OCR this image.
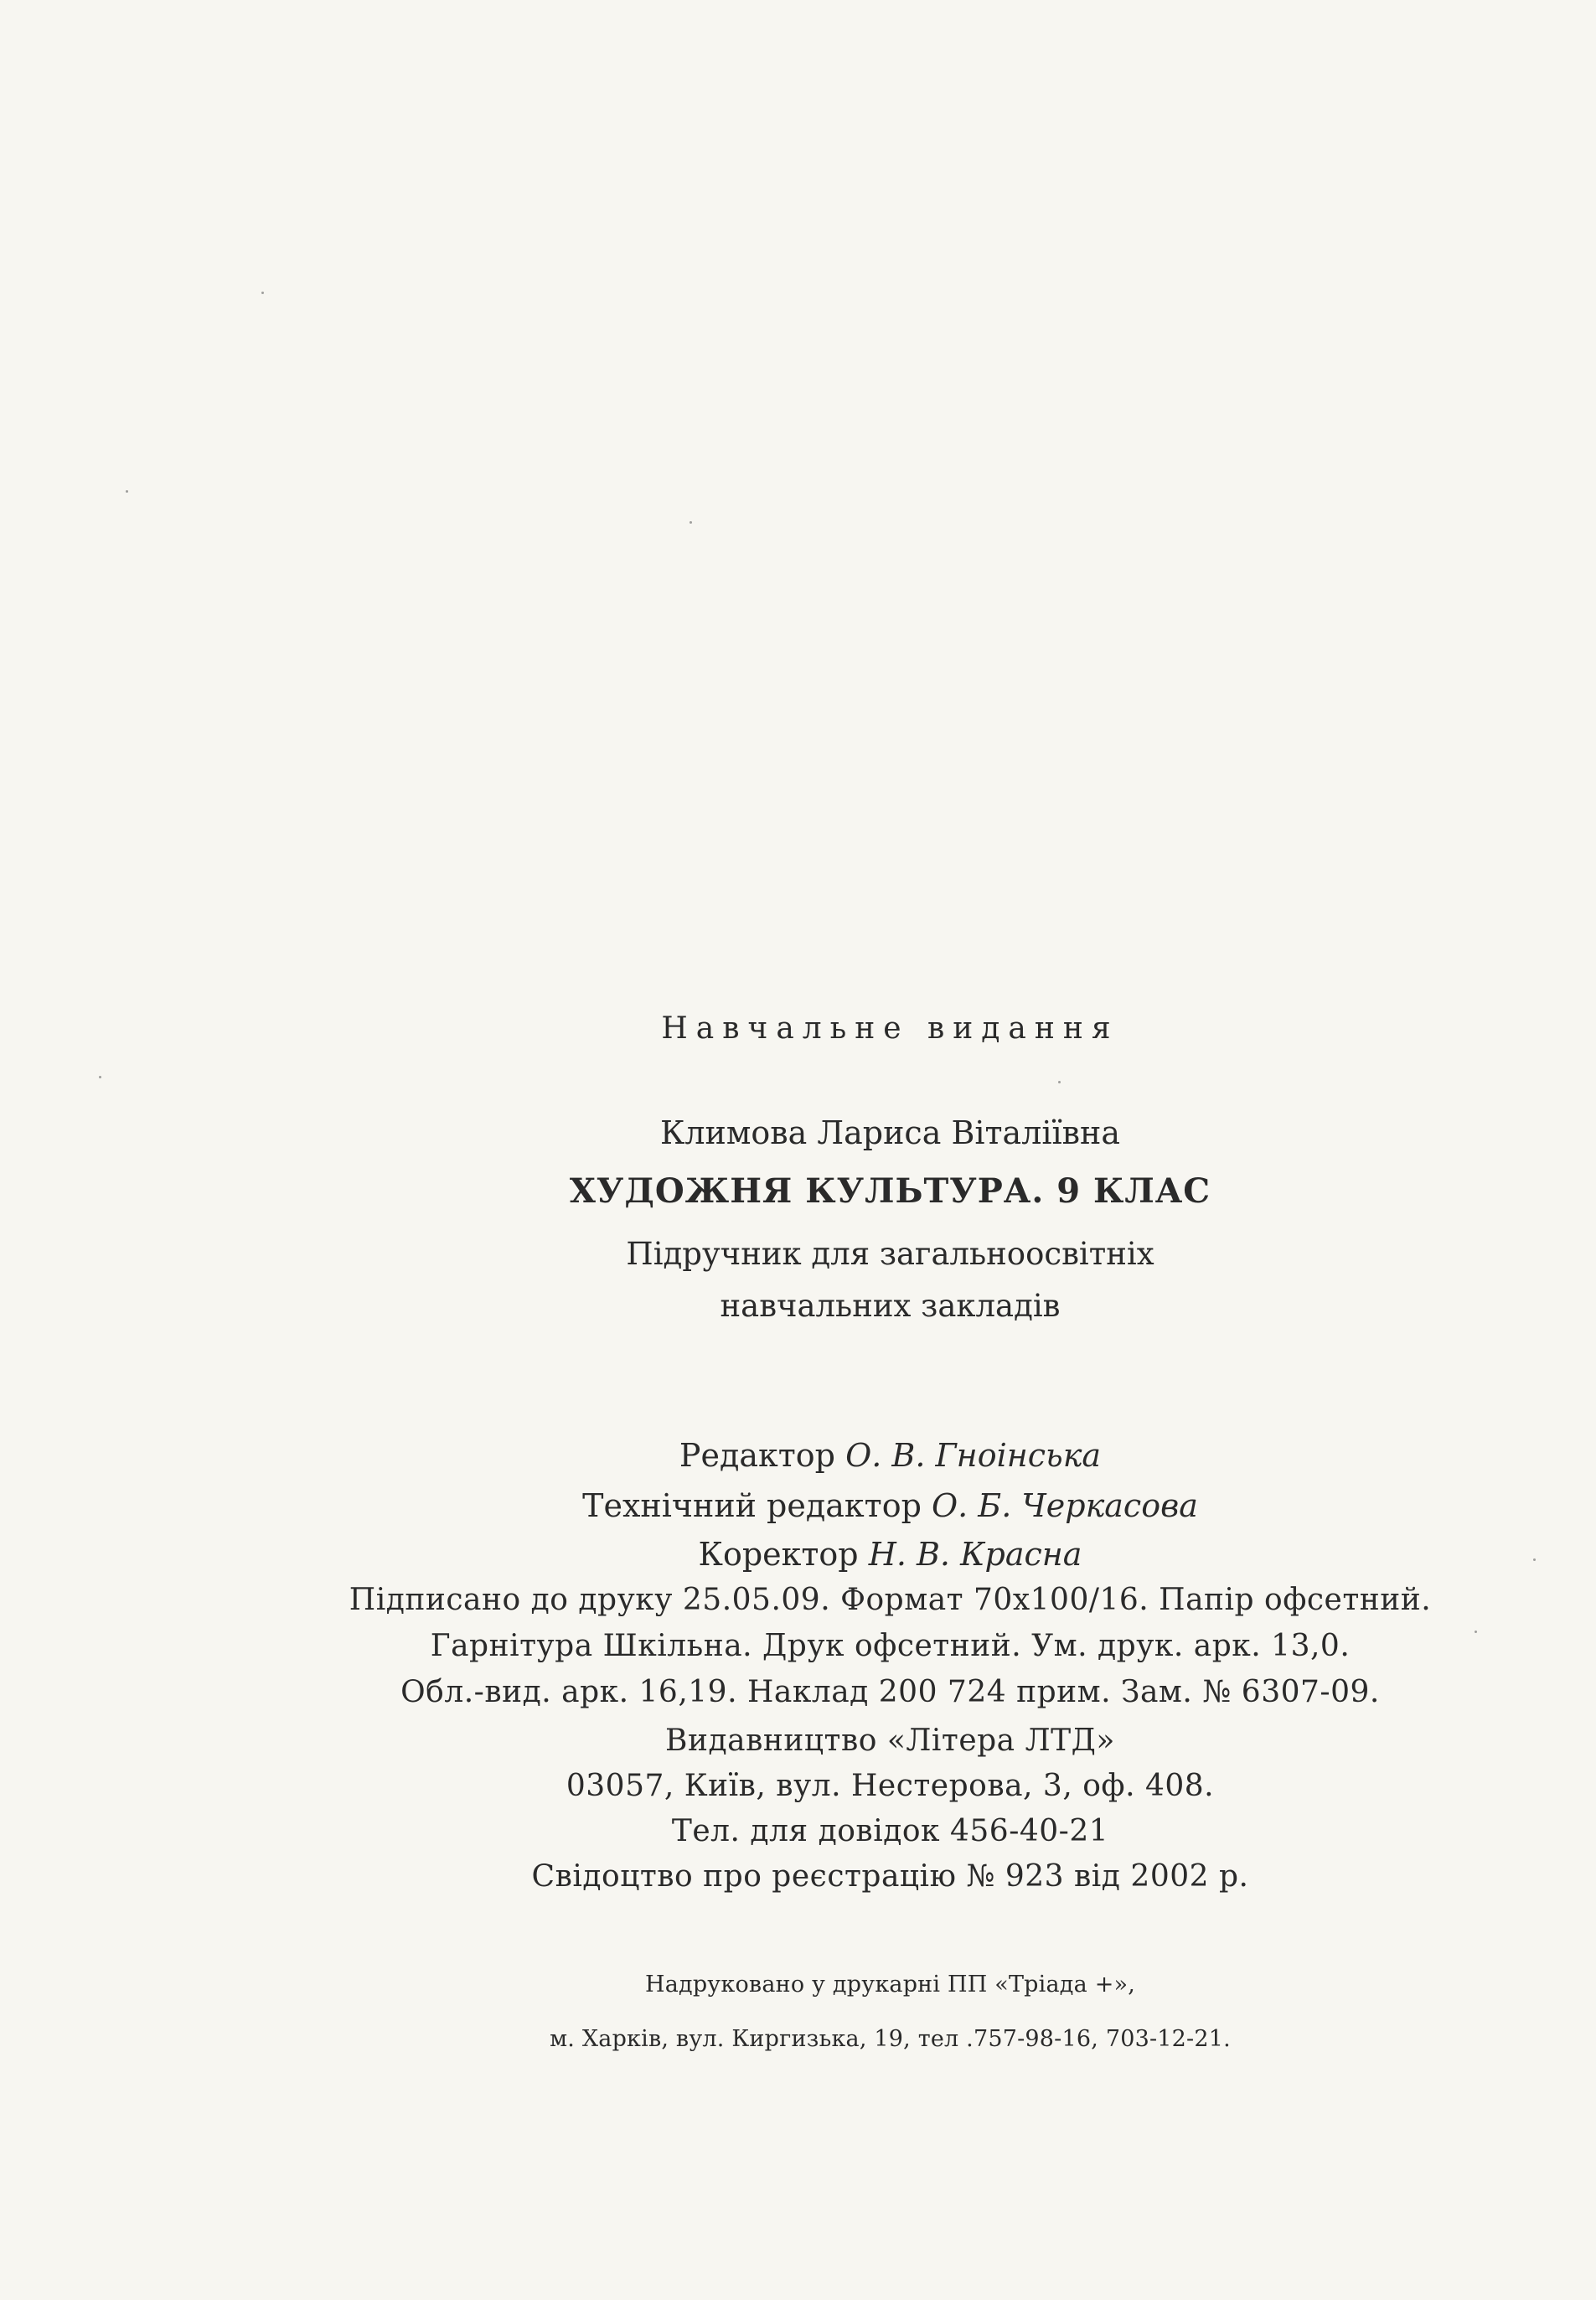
Навчальне видання
Климова Лариса Віталіївна
ХУДОЖНЯ КУЛЬТУРА. 9 КЛАС
Підручник для загальноосвітніх
навчальних закладів
Редактор О. В. Гноінська
Технічний редактор О. Б. Черкасова
Коректор Н. В. Красна
Підписано до друку 25.05.09. Формат 70x100/16. Папір офсетний.
Гарнітура Шкільна. Друк офсетний. Ум. друк. арк. 13,0.
Обл.-вид. арк. 16,19. Наклад 200 724 прим. Зам. № 6307-09.
Видавництво «Літера ЛТД»
03057, Київ, вул. Нестерова, 3, оф. 408.
Тел. для довідок 456-40-21
Свідоцтво про реєстрацію № 923 від 2002 р.
Надруковано у друкарні ПП «Тріада +»,
м. Харків, вул. Киргизька, 19, тел .757-98-16, 703-12-21.
